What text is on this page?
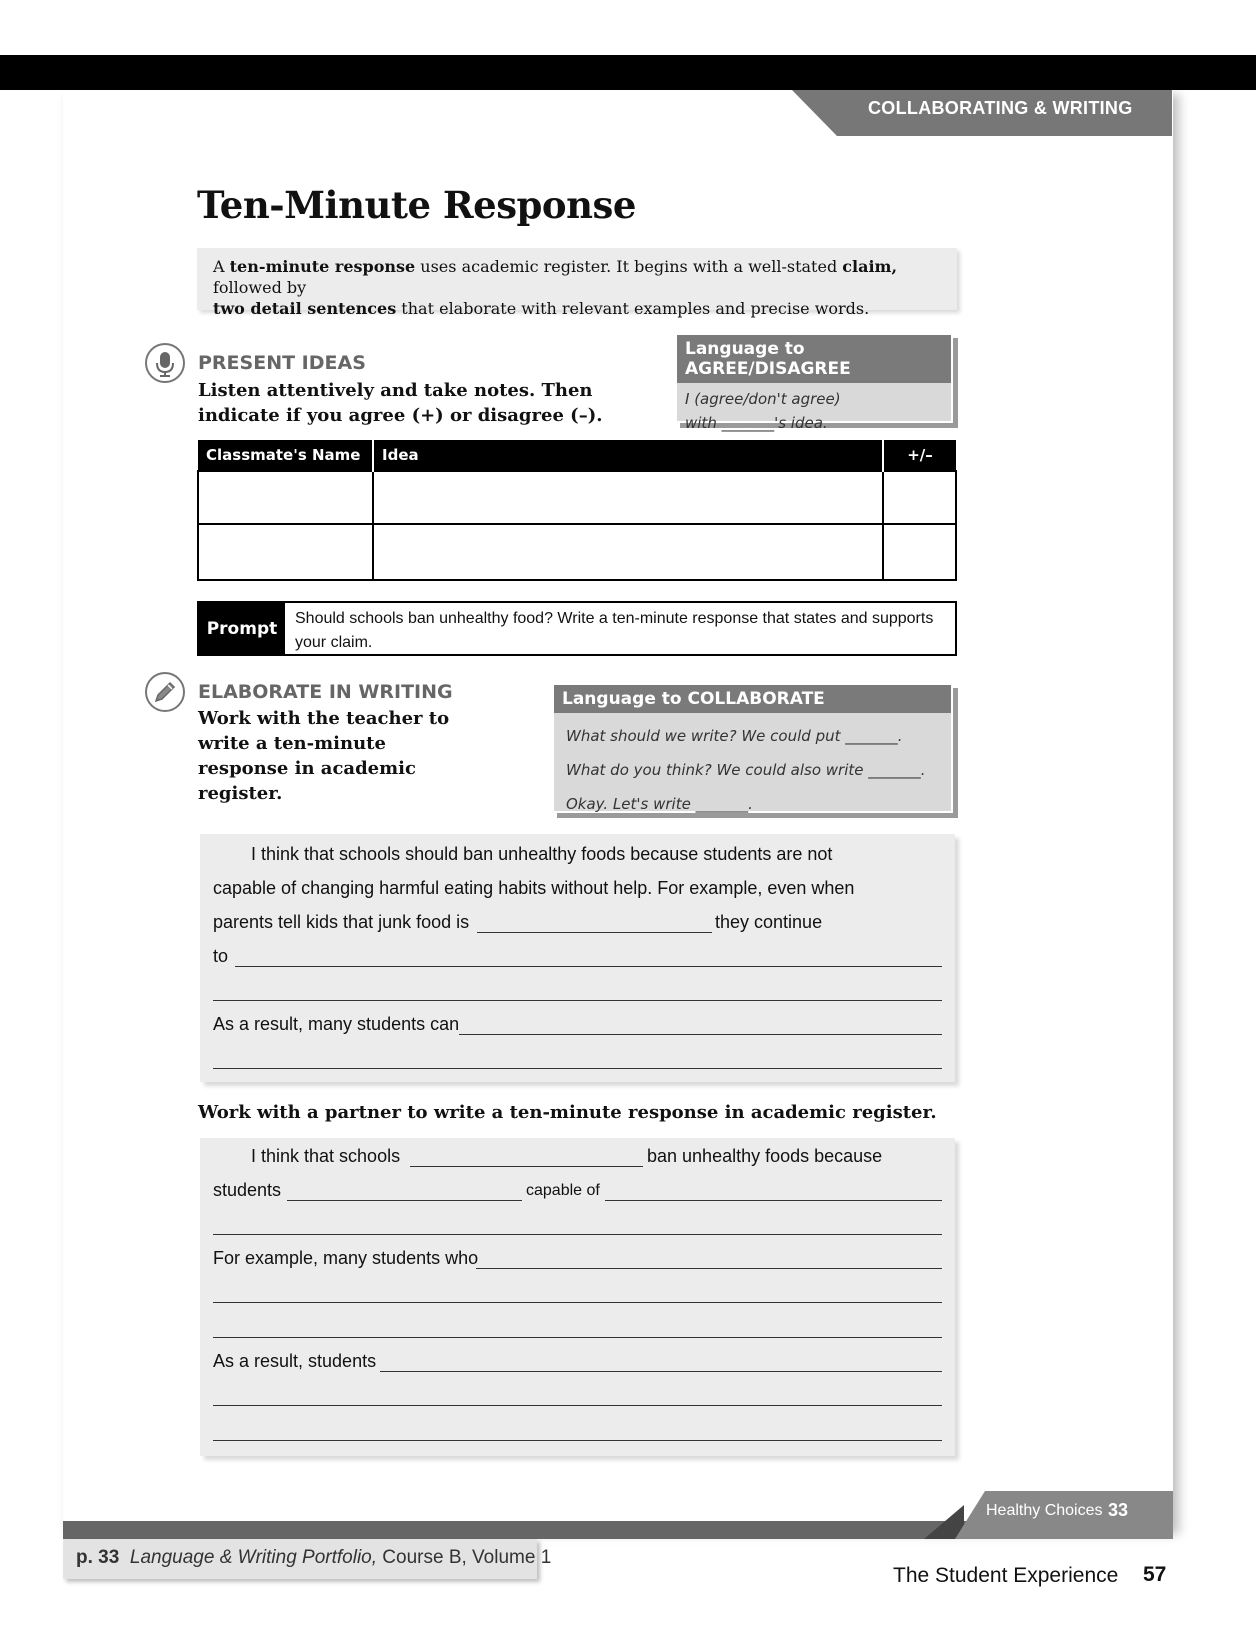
COLLABORATING & WRITING
Ten-Minute Response
A ten-minute response uses academic register. It begins with a well-stated claim, followed by
two detail sentences that elaborate with relevant examples and precise words.
PRESENT IDEAS
Listen attentively and take notes. Then indicate if you agree (+) or disagree (–).
Language to AGREE/DISAGREE
I (agree/don't agree)
with _______'s idea.
Classmate's Name	Idea	+/–

Prompt	Should schools ban unhealthy food? Write a ten-minute response that states and supports your claim.
ELABORATE IN WRITING
Work with the teacher to write a ten-minute response in academic register.
Language to COLLABORATE
What should we write? We could put _______.
What do you think? We could also write _______.
Okay. Let's write _______.
I think that schools should ban unhealthy foods because students are not
capable of changing harmful eating habits without help. For example, even when
parents tell kids that junk food is	they continue
to
As a result, many students can
Work with a partner to write a ten-minute response in academic register.
I think that schools	ban unhealthy foods because
students	capable of
For example, many students who
As a result, students
Healthy Choices 33
p. 33 Language & Writing Portfolio, Course B, Volume 1
The Student Experience 57
